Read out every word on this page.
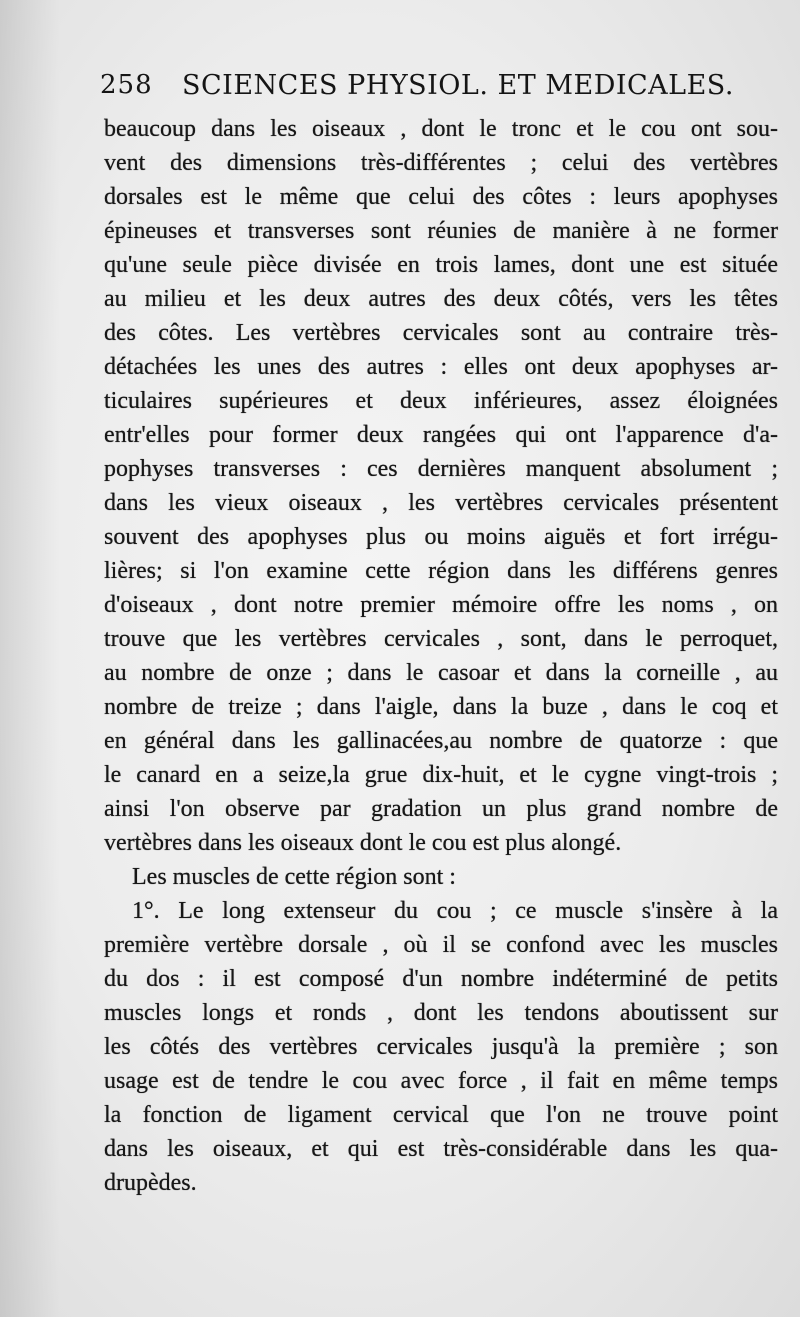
258 SCIENCES PHYSIOL. ET MEDICALES.
beaucoup dans les oiseaux , dont le tronc et le cou ont sou-
vent des dimensions très-différentes ; celui des vertèbres
dorsales est le même que celui des côtes : leurs apophyses
épineuses et transverses sont réunies de manière à ne former
qu'une seule pièce divisée en trois lames, dont une est située
au milieu et les deux autres des deux côtés, vers les têtes
des côtes. Les vertèbres cervicales sont au contraire très-
détachées les unes des autres : elles ont deux apophyses ar-
ticulaires supérieures et deux inférieures, assez éloignées
entr'elles pour former deux rangées qui ont l'apparence d'a-
pophyses transverses : ces dernières manquent absolument ;
dans les vieux oiseaux , les vertèbres cervicales présentent
souvent des apophyses plus ou moins aiguës et fort irrégu-
lières; si l'on examine cette région dans les différens genres
d'oiseaux , dont notre premier mémoire offre les noms , on
trouve que les vertèbres cervicales , sont, dans le perroquet,
au nombre de onze ; dans le casoar et dans la corneille , au
nombre de treize ; dans l'aigle, dans la buze , dans le coq et
en général dans les gallinacées,au nombre de quatorze : que
le canard en a seize,la grue dix-huit, et le cygne vingt-trois ;
ainsi l'on observe par gradation un plus grand nombre de
vertèbres dans les oiseaux dont le cou est plus alongé.
Les muscles de cette région sont :
1°. Le long extenseur du cou ; ce muscle s'insère à la
première vertèbre dorsale , où il se confond avec les muscles
du dos : il est composé d'un nombre indéterminé de petits
muscles longs et ronds , dont les tendons aboutissent sur
les côtés des vertèbres cervicales jusqu'à la première ; son
usage est de tendre le cou avec force , il fait en même temps
la fonction de ligament cervical que l'on ne trouve point
dans les oiseaux, et qui est très-considérable dans les qua-
drupèdes.
